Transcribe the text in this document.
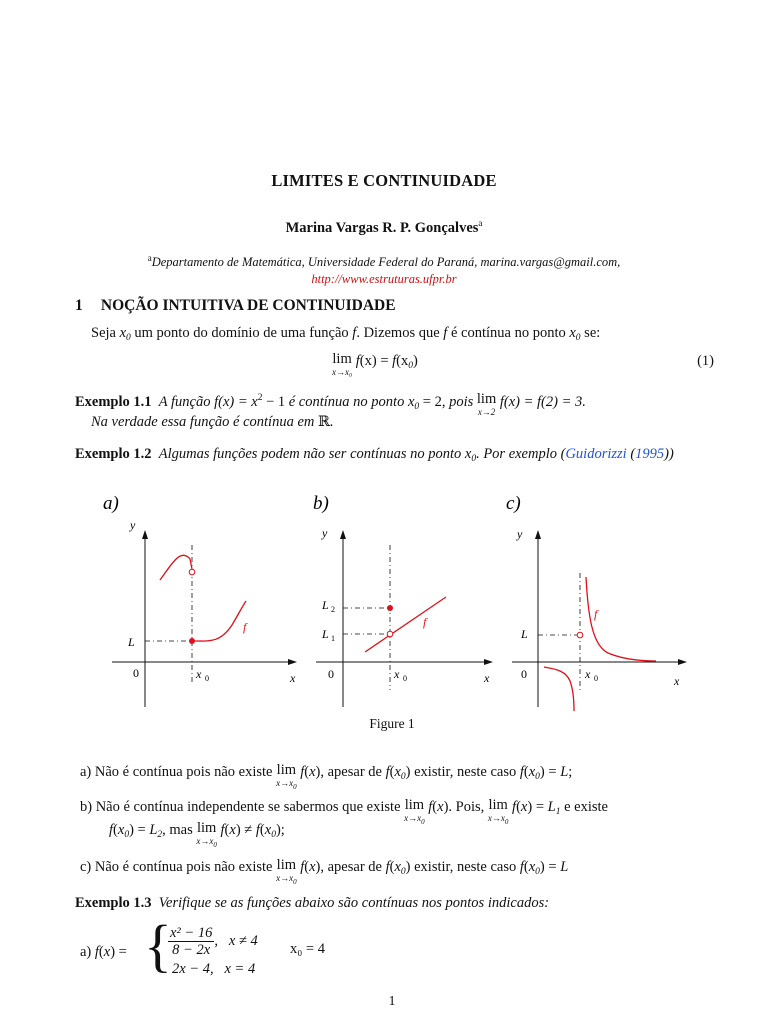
LIMITES E CONTINUIDADE
Marina Vargas R. P. Gonçalves$^a$
$^a$Departamento de Matemática, Universidade Federal do Paraná, marina.vargas@gmail.com,
http://www.estruturas.ufpr.br
1 NOÇÃO INTUITIVA DE CONTINUIDADE
Seja $x_0$ um ponto do domínio de uma função f. Dizemos que f é contínua no ponto $x_0$ se:
lim
x→x₀
$f(x) = f(x_0)$	(1)
Exemplo 1.1 A função $f(x) = x^2 - 1$ é contínua no ponto $x_0 = 2$, pois lim
x→2
f(x) = f(2) = 3.
Na verdade essa função é contínua em ℝ.
Exemplo 1.2 Algumas funções podem não ser contínuas no ponto $x_0$. Por exemplo (Guidorizzi (1995))
a)
y
x
0	x 0
L
f
b)
y
x
0	x 0
L 2
L 1
f
c)
y
x
0	x 0
L
f
Figure 1
a) Não é contínua pois não existe lim
$x\to x_0$
f(x), apesar de $f(x_0)$ existir, neste caso $f(x_0) = L$;
b) Não é contínua independente se sabermos que existe lim
$x\to x_0$
f(x). Pois, lim
$x\to x_0$
$f(x) = L_1$ e existe
$f(x_0) = L_2$, mas lim
$x\to x_0$
$f(x) \ne f(x_0)$;
c) Não é contínua pois não existe lim
$x\to x_0$
f(x), apesar de $f(x_0)$ existir, neste caso $f(x_0) = L$
Exemplo 1.3 Verifique se as funções abaixo são contínuas nos pontos indicados:
a) f(x) = {
$\frac{\text{x² − 16}}{8 - 2x}$ ,   x ≠ 4
x₀ = 4
2x − 4, x = 4
1
